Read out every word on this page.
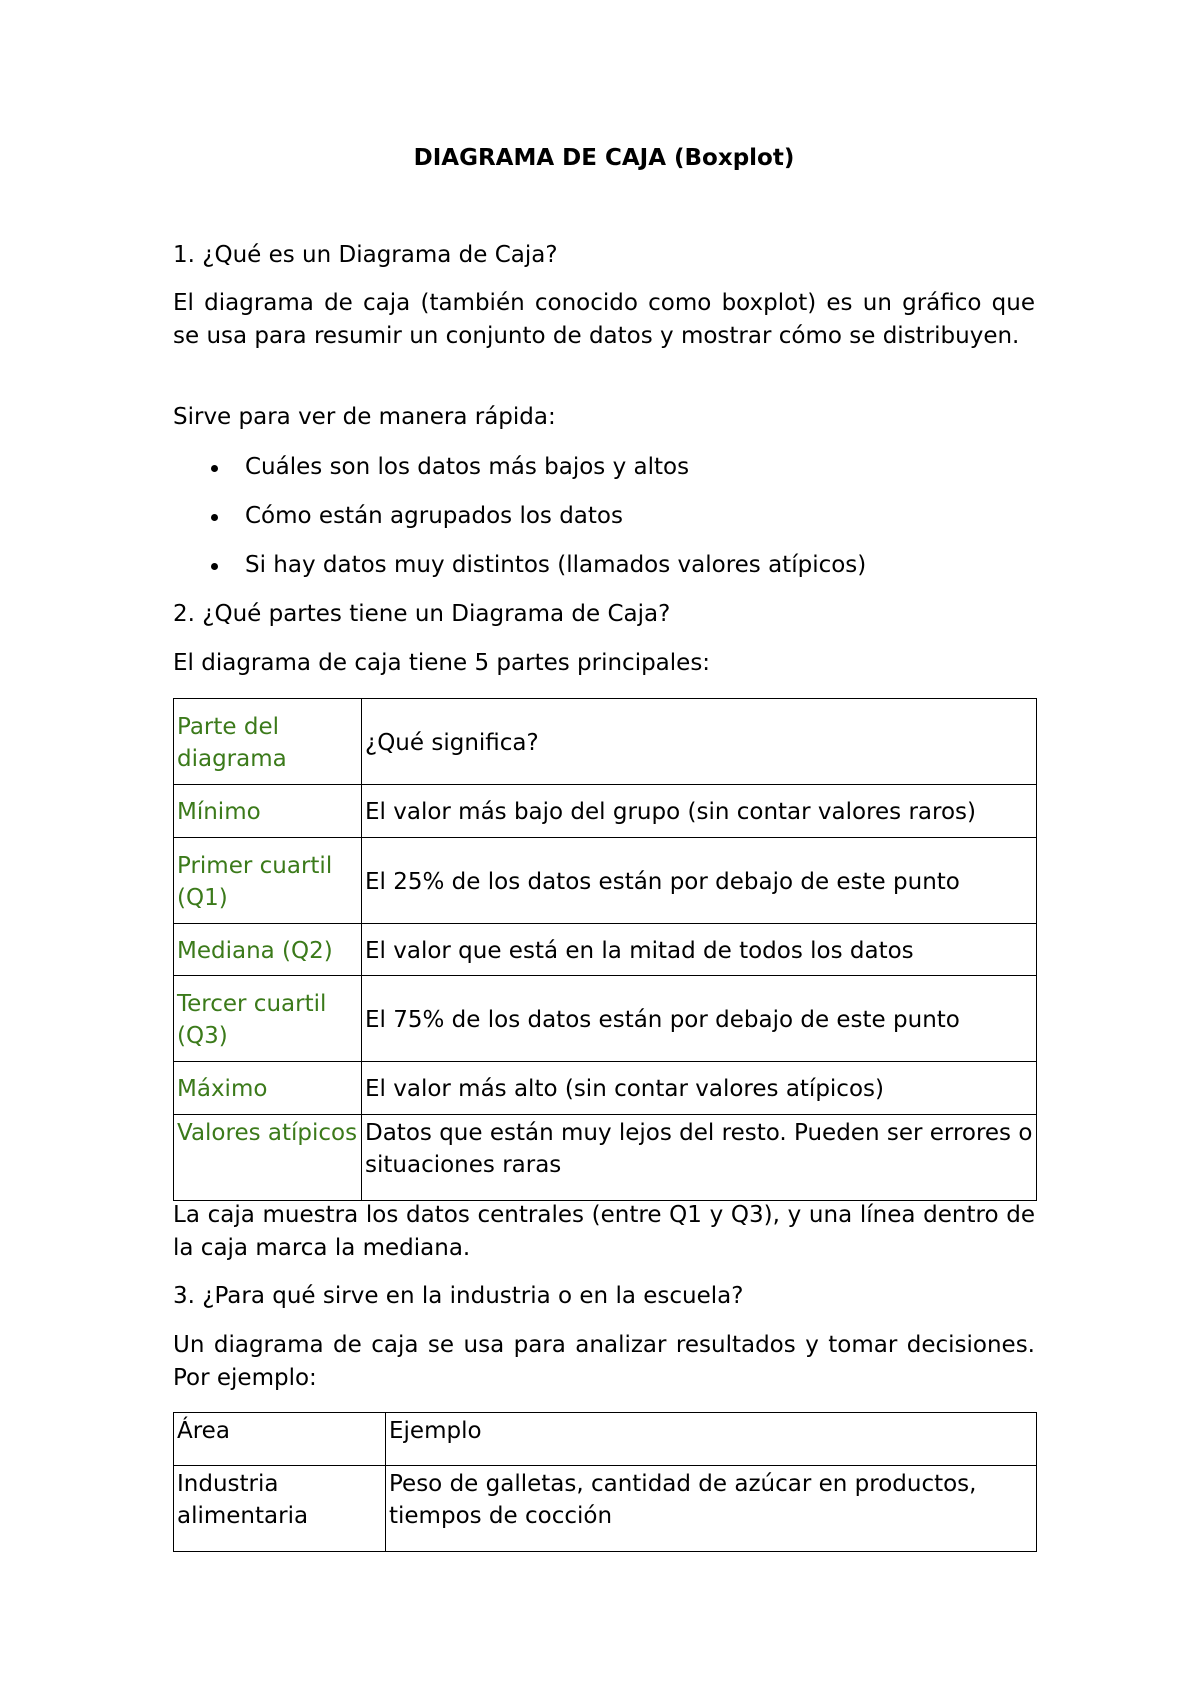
DIAGRAMA DE CAJA (Boxplot)

1. ¿Qué es un Diagrama de Caja?

El diagrama de caja (también conocido como boxplot) es un gráfico que se usa para resumir un conjunto de datos y mostrar cómo se distribuyen.

Sirve para ver de manera rápida:

Cuáles son los datos más bajos y altos
Cómo están agrupados los datos
Si hay datos muy distintos (llamados valores atípicos)

2. ¿Qué partes tiene un Diagrama de Caja?

El diagrama de caja tiene 5 partes principales:

Parte del diagrama	¿Qué significa?
Mínimo	El valor más bajo del grupo (sin contar valores raros)
Primer cuartil (Q1)	El 25% de los datos están por debajo de este punto
Mediana (Q2)	El valor que está en la mitad de todos los datos
Tercer cuartil (Q3)	El 75% de los datos están por debajo de este punto
Máximo	El valor más alto (sin contar valores atípicos)
Valores atípicos	Datos que están muy lejos del resto. Pueden ser errores o situaciones raras

La caja muestra los datos centrales (entre Q1 y Q3), y una línea dentro de la caja marca la mediana.

3. ¿Para qué sirve en la industria o en la escuela?

Un diagrama de caja se usa para analizar resultados y tomar decisiones. Por ejemplo:

Área	Ejemplo
Industria alimentaria	Peso de galletas, cantidad de azúcar en productos, tiempos de cocción
